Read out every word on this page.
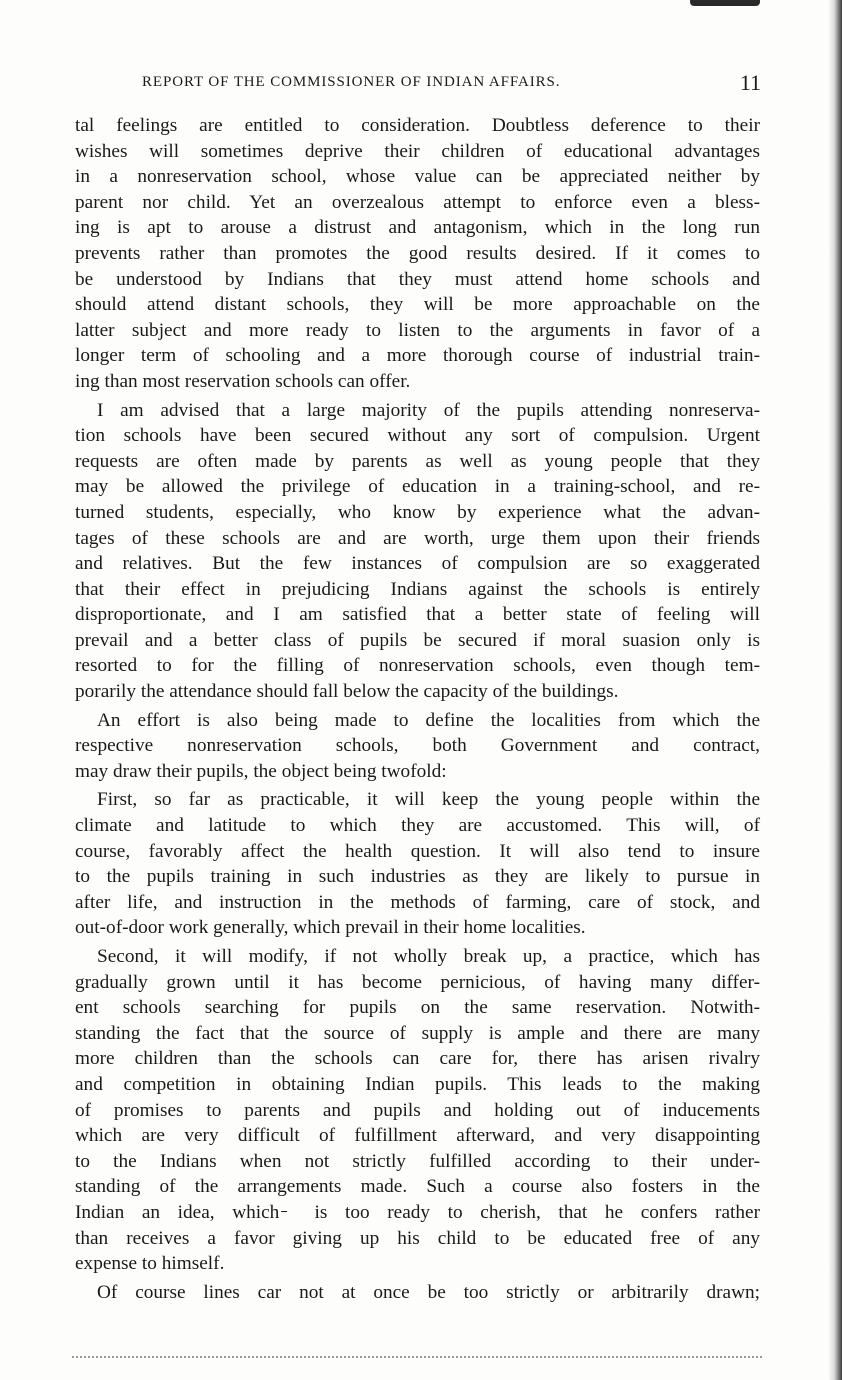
REPORT OF THE COMMISSIONER OF INDIAN AFFAIRS.	11
tal feelings are entitled to consideration. Doubtless deference to their
wishes will sometimes deprive their children of educational advantages
in a nonreservation school, whose value can be appreciated neither by
parent nor child. Yet an overzealous attempt to enforce even a bless-
ing is apt to arouse a distrust and antagonism, which in the long run
prevents rather than promotes the good results desired. If it comes to
be understood by Indians that they must attend home schools and
should attend distant schools, they will be more approachable on the
latter subject and more ready to listen to the arguments in favor of a
longer term of schooling and a more thorough course of industrial train-
ing than most reservation schools can offer.
I am advised that a large majority of the pupils attending nonreserva-
tion schools have been secured without any sort of compulsion. Urgent
requests are often made by parents as well as young people that they
may be allowed the privilege of education in a training-school, and re-
turned students, especially, who know by experience what the advan-
tages of these schools are and are worth, urge them upon their friends
and relatives. But the few instances of compulsion are so exaggerated
that their effect in prejudicing Indians against the schools is entirely
disproportionate, and I am satisfied that a better state of feeling will
prevail and a better class of pupils be secured if moral suasion only is
resorted to for the filling of nonreservation schools, even though tem-
porarily the attendance should fall below the capacity of the buildings.
An effort is also being made to define the localities from which the
respective nonreservation schools, both Government and contract,
may draw their pupils, the object being twofold:
First, so far as practicable, it will keep the young people within the
climate and latitude to which they are accustomed. This will, of
course, favorably affect the health question. It will also tend to insure
to the pupils training in such industries as they are likely to pursue in
after life, and instruction in the methods of farming, care of stock, and
out-of-door work generally, which prevail in their home localities.
Second, it will modify, if not wholly break up, a practice, which has
gradually grown until it has become pernicious, of having many differ-
ent schools searching for pupils on the same reservation. Notwith-
standing the fact that the source of supply is ample and there are many
more children than the schools can care for, there has arisen rivalry
and competition in obtaining Indian pupils. This leads to the making
of promises to parents and pupils and holding out of inducements
which are very difficult of fulfillment afterward, and very disappointing
to the Indians when not strictly fulfilled according to their under-
standing of the arrangements made. Such a course also fosters in the
Indian an idea, which ̵ is too ready to cherish, that he confers rather
than receives a favor giving up his child to be educated free of any
expense to himself.
Of course lines car not at once be too strictly or arbitrarily drawn;
